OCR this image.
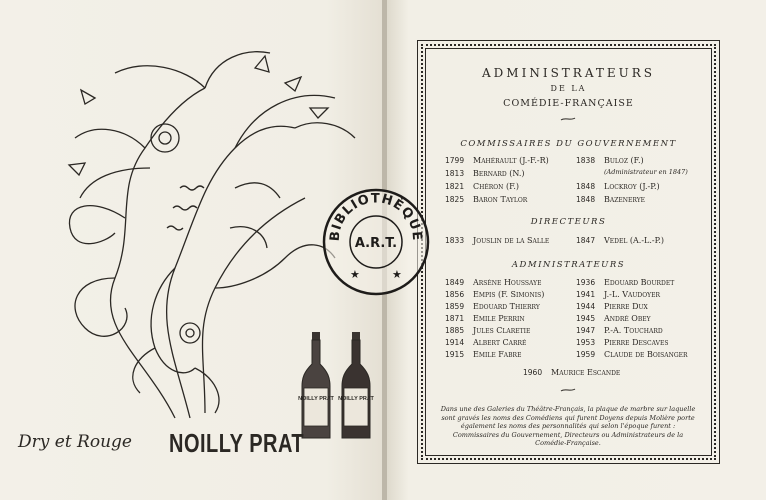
NOILLY PRAT NOILLY PRAT
Dry et Rouge NOILLY PRAT
ADMINISTRATEURS
DE LA
COMÉDIE-FRANÇAISE
COMMISSAIRES DU GOUVERNEMENT
1799 Mahérault (J.-F.-R)
1813 Bernard (N.)
1821 Chéron (F.)
1825 Baron Taylor
1838 Buloz (F.)
(Administrateur en 1847)
1848 Lockroy (J.-P.)
1848 Bazenerye
DIRECTEURS
1833 Jouslin de la Salle	1847 Vedel (A.-L.-P.)
ADMINISTRATEURS
1849 Arsène Houssaye
1856 Empis (F. Simonis)
1859 Edouard Thierry
1871 Emile Perrin
1885 Jules Claretie
1914 Albert Carré
1915 Emile Fabre
1936 Edouard Bourdet
1941 J.-L. Vaudoyer
1944 Pierre Dux
1945 André Obey
1947 P.-A. Touchard
1953 Pierre Descaves
1959 Claude de Boisanger
1960 Maurice Escande
Dans une des Galeries du Théâtre-Français, la plaque de marbre sur laquelle sont gravés les noms des Comédiens qui furent Doyens depuis Molière porte également les noms des personnalités qui selon l'époque furent : Commissaires du Gouvernement, Directeurs ou Administrateurs de la Comédie-Française.
BIBLIOTHÈQUE
A.R.T.
★	★
